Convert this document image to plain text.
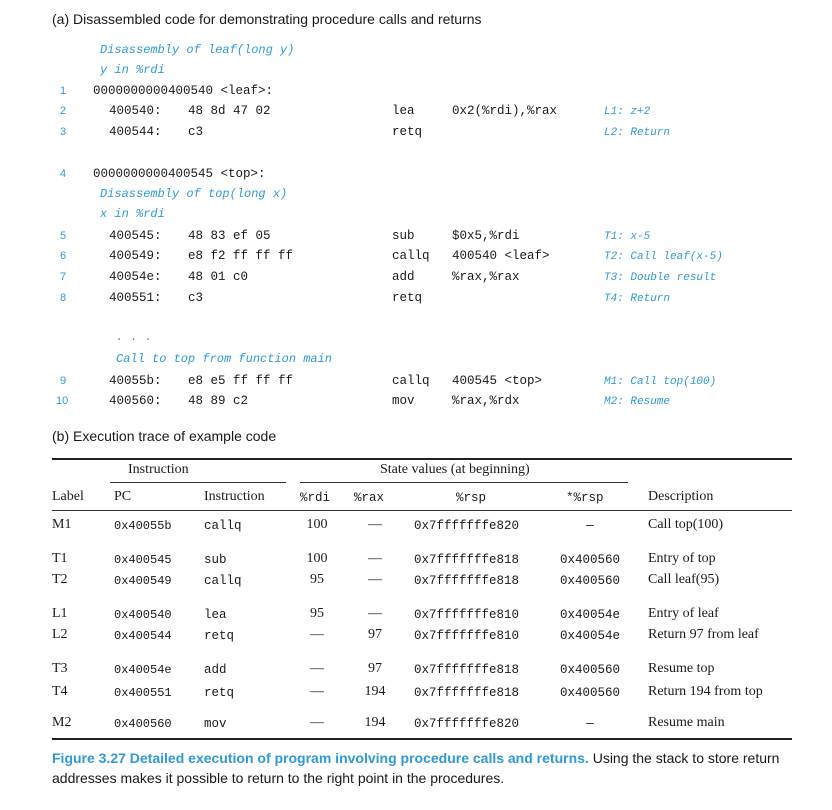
(a) Disassembled code for demonstrating procedure calls and returns
Disassembly of leaf(long y)
y in %rdi
1 0000000000400540 <leaf>:
2	400540: 48 8d 47 02	lea	0x2(%rdi),%rax	L1: z+2
3	400544: c3	retq	L2: Return
4 0000000000400545 <top>:
Disassembly of top(long x)
x in %rdi
5	400545: 48 83 ef 05	sub	$0x5,%rdi	T1: x-5
6	400549: e8 f2 ff ff ff	callq 400540 <leaf>	T2: Call leaf(x-5)
7	40054e: 48 01 c0	add	%rax,%rax	T3: Double result
8	400551: c3	retq	T4: Return
. . .
Call to top from function main
9	40055b: e8 e5 ff ff ff	callq 400545 <top>	M1: Call top(100)
10	400560: 48 89 c2	mov	%rax,%rdx	M2: Resume
(b) Execution trace of example code
Instruction	State values (at beginning)
Label PC	Instruction	%rdi %rax	%rsp	*%rsp	Description
M1	0x40055b	callq	100	—	0x7fffffffe820	—	Call top(100)
T1	0x400545	sub	100	—	0x7fffffffe818	0x400560	Entry of top
T2	0x400549	callq	95	—	0x7fffffffe818	0x400560	Call leaf(95)
L1	0x400540	lea	95	—	0x7fffffffe810	0x40054e	Entry of leaf
L2	0x400544	retq	—	97	0x7fffffffe810	0x40054e	Return 97 from leaf
T3	0x40054e	add	—	97	0x7fffffffe818	0x400560	Resume top
T4	0x400551	retq	—	194	0x7fffffffe818	0x400560	Return 194 from top
M2	0x400560	mov	—	194	0x7fffffffe820	—	Resume main
Figure 3.27 Detailed execution of program involving procedure calls and returns. Using the stack to store return addresses makes it possible to return to the right point in the procedures.
